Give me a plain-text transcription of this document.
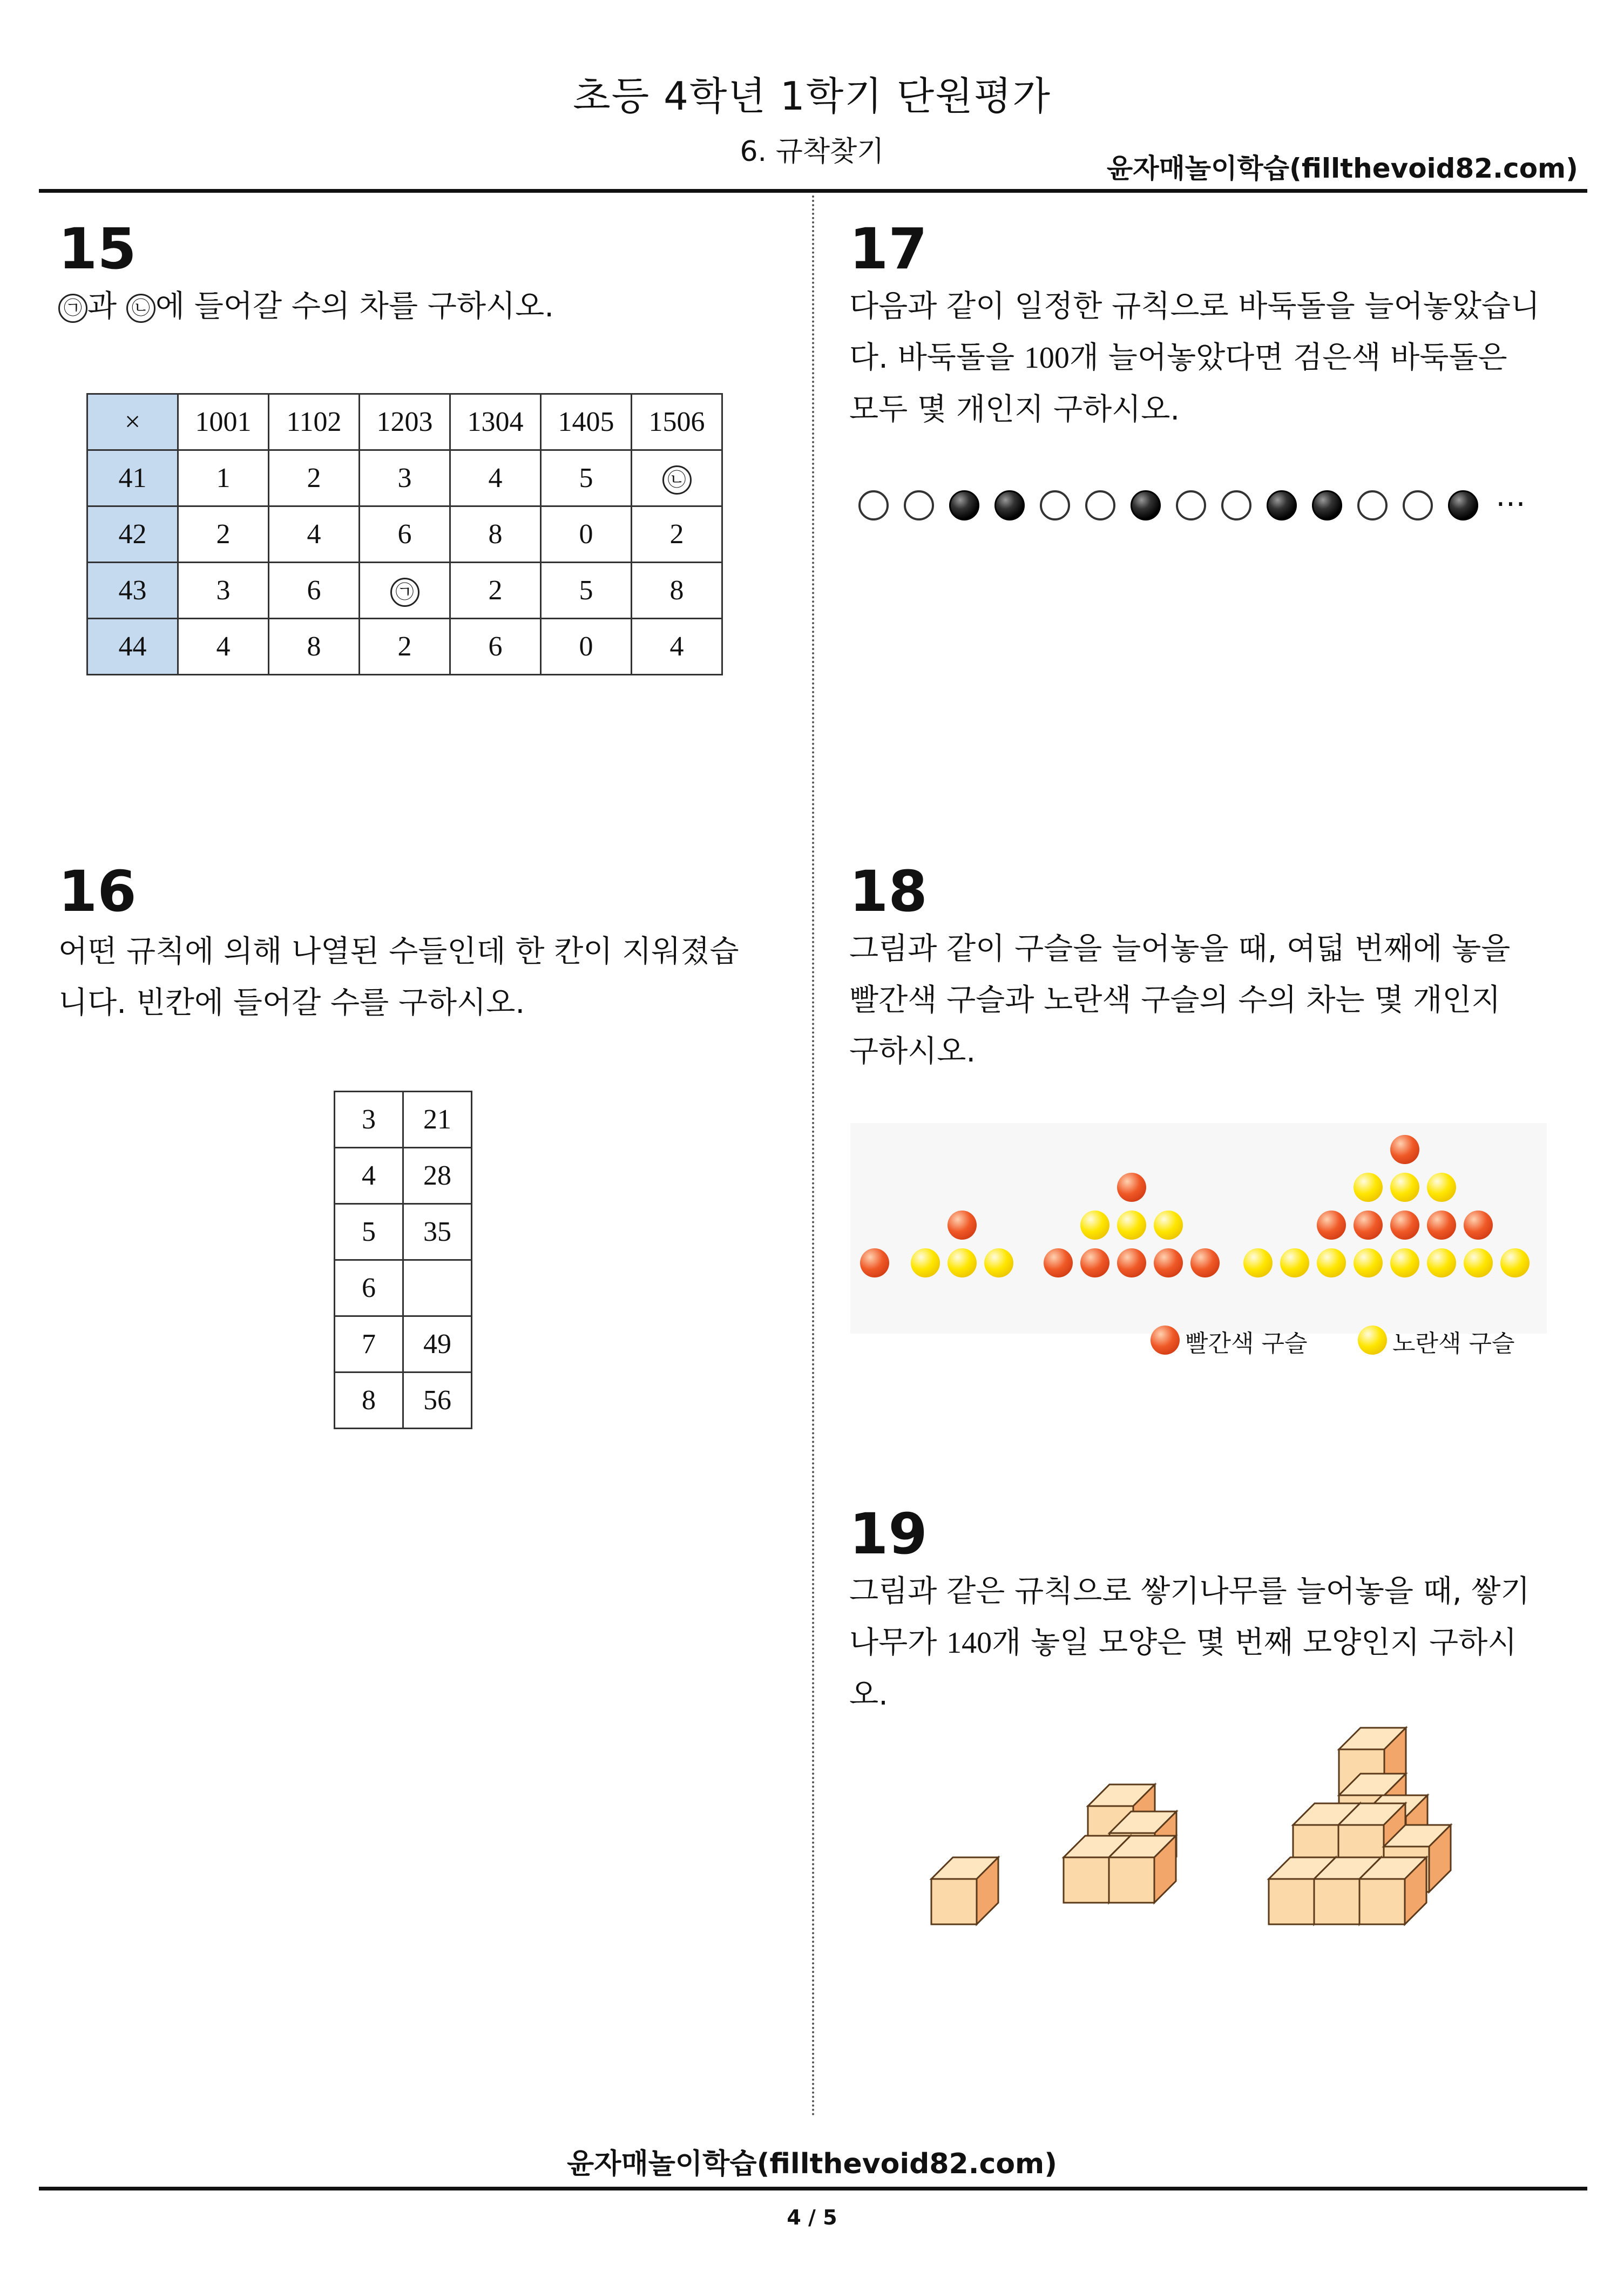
초등 4학년 1학기 단원평가
6. 규착찾기
윤자매놀이학습(fillthevoid82.com)
15
㉠ 과 ㉡ 에 들어갈 수의 차를 구하시오.
×	1001	1102	1203	1304	1405	1506
41	1	2	3	4	5	㉡
42	2	4	6	8	0	2
43	3	6	㉠	2	5	8
44	4	8	2	6	0	4
16
어떤 규칙에 의해 나열된 수들인데 한 칸이 지워졌습
니다. 빈칸에 들어갈 수를 구하시오.
3	21
4	28
5	35
6	
7	49
8	56
17
다음과 같이 일정한 규칙으로 바둑돌을 늘어놓았습니
다. 바둑돌을 100개 늘어놓았다면 검은색 바둑돌은
모두 몇 개인지 구하시오.
⋯
18
그림과 같이 구슬을 늘어놓을 때, 여덟 번째에 놓을
빨간색 구슬과 노란색 구슬의 수의 차는 몇 개인지
구하시오.
빨간색 구슬	노란색 구슬
19
그림과 같은 규칙으로 쌓기나무를 늘어놓을 때, 쌓기
나무가 140개 놓일 모양은 몇 번째 모양인지 구하시
오.
윤자매놀이학습(fillthevoid82.com)
4 / 5
